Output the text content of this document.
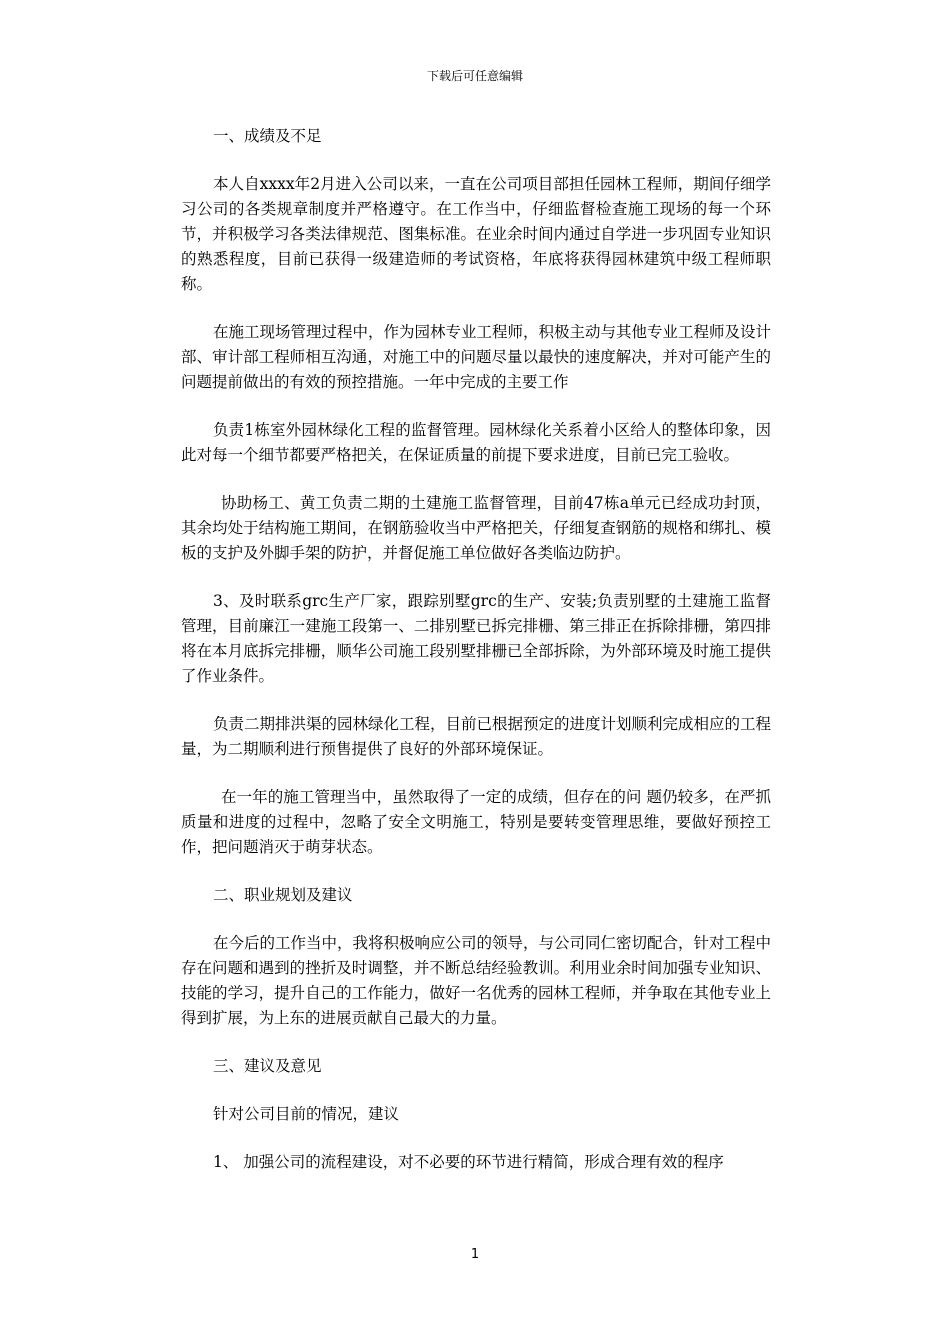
下载后可任意编辑
一、成绩及不足
本人自xxxx年2月进入公司以来，一直在公司项目部担任园林工程师，期间仔细学习公司的各类规章制度并严格遵守。在工作当中，仔细监督检查施工现场的每一个环节，并积极学习各类法律规范、图集标准。在业余时间内通过自学进一步巩固专业知识的熟悉程度，目前已获得一级建造师的考试资格，年底将获得园林建筑中级工程师职称。
在施工现场管理过程中，作为园林专业工程师，积极主动与其他专业工程师及设计部、审计部工程师相互沟通，对施工中的问题尽量以最快的速度解决，并对可能产生的问题提前做出的有效的预控措施。一年中完成的主要工作
负责1栋室外园林绿化工程的监督管理。园林绿化关系着小区给人的整体印象，因此对每一个细节都要严格把关，在保证质量的前提下要求进度，目前已完工验收。
协助杨工、黄工负责二期的土建施工监督管理，目前47栋a单元已经成功封顶，其余均处于结构施工期间，在钢筋验收当中严格把关，仔细复查钢筋的规格和绑扎、模板的支护及外脚手架的防护，并督促施工单位做好各类临边防护。
3、及时联系grc生产厂家，跟踪别墅grc的生产、安装;负责别墅的土建施工监督管理，目前廉江一建施工段第一、二排别墅已拆完排栅、第三排正在拆除排栅，第四排将在本月底拆完排栅，顺华公司施工段别墅排栅已全部拆除，为外部环境及时施工提供了作业条件。
负责二期排洪渠的园林绿化工程，目前已根据预定的进度计划顺利完成相应的工程量，为二期顺利进行预售提供了良好的外部环境保证。
在一年的施工管理当中，虽然取得了一定的成绩，但存在的问 题仍较多，在严抓质量和进度的过程中，忽略了安全文明施工，特别是要转变管理思维，要做好预控工作，把问题消灭于萌芽状态。
二、职业规划及建议
在今后的工作当中，我将积极响应公司的领导，与公司同仁密切配合，针对工程中存在问题和遇到的挫折及时调整，并不断总结经验教训。利用业余时间加强专业知识、技能的学习，提升自己的工作能力，做好一名优秀的园林工程师，并争取在其他专业上得到扩展，为上东的进展贡献自己最大的力量。
三、建议及意见
针对公司目前的情况，建议
1、 加强公司的流程建设，对不必要的环节进行精简，形成合理有效的程序
1
